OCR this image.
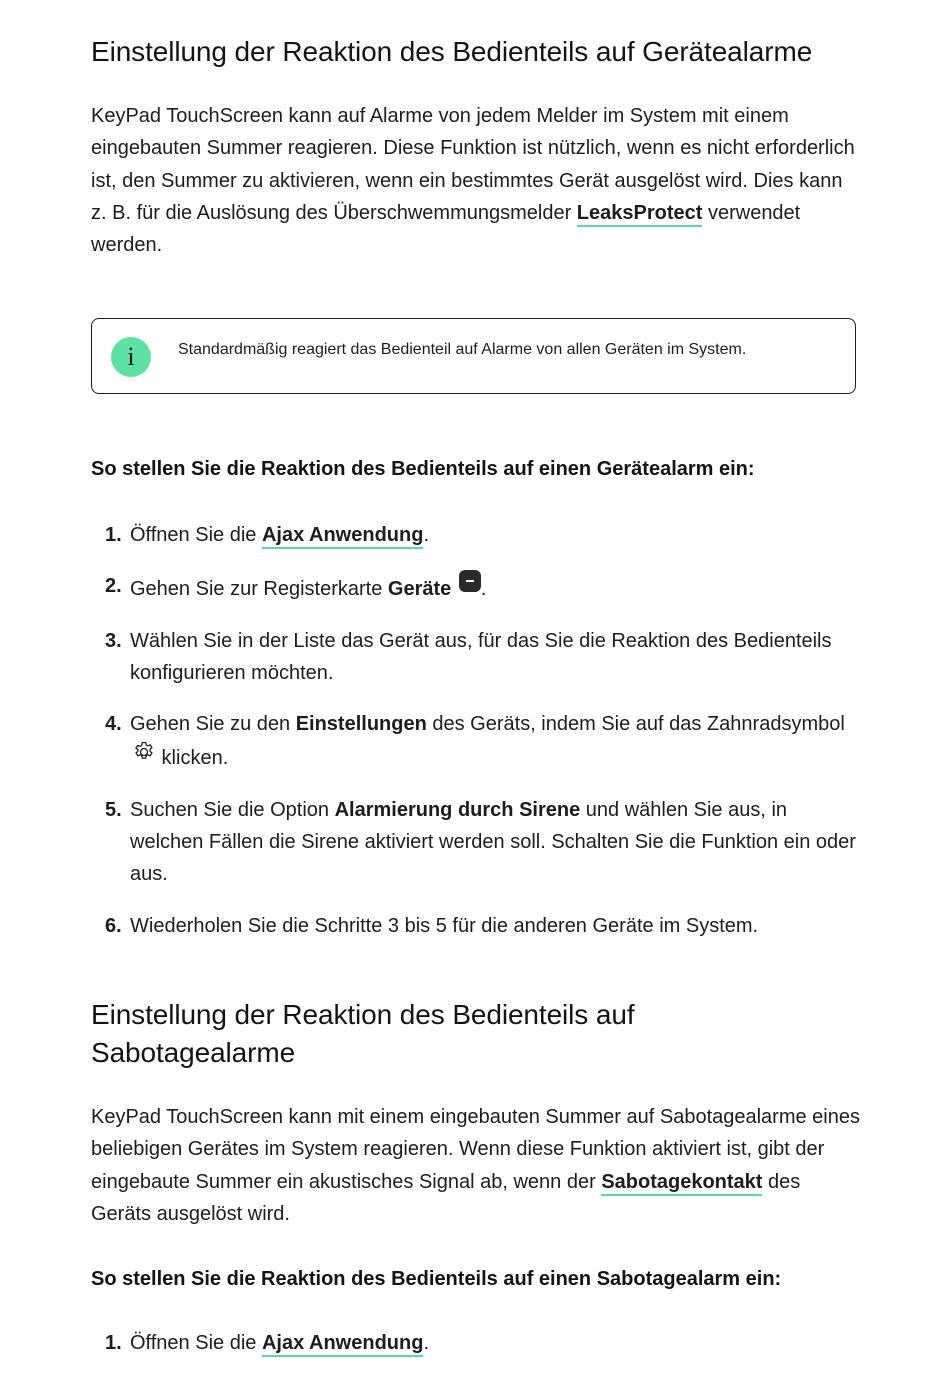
Einstellung der Reaktion des Bedienteils auf Gerätealarme

KeyPad TouchScreen kann auf Alarme von jedem Melder im System mit einem eingebauten Summer reagieren. Diese Funktion ist nützlich, wenn es nicht erforderlich ist, den Summer zu aktivieren, wenn ein bestimmtes Gerät ausgelöst wird. Dies kann z. B. für die Auslösung des Überschwemmungsmelder LeaksProtect verwendet werden.

i	Standardmäßig reagiert das Bedienteil auf Alarme von allen Geräten im System.
So stellen Sie die Reaktion des Bedienteils auf einen Gerätealarm ein:
1. Öffnen Sie die Ajax Anwendung.
2. Gehen Sie zur Registerkarte Geräte .
3. Wählen Sie in der Liste das Gerät aus, für das Sie die Reaktion des Bedienteils konfigurieren möchten.
4. Gehen Sie zu den Einstellungen des Geräts, indem Sie auf das Zahnradsymbol  klicken.
5. Suchen Sie die Option Alarmierung durch Sirene und wählen Sie aus, in welchen Fällen die Sirene aktiviert werden soll. Schalten Sie die Funktion ein oder aus.
6. Wiederholen Sie die Schritte 3 bis 5 für die anderen Geräte im System.
Einstellung der Reaktion des Bedienteils auf Sabotagealarme

KeyPad TouchScreen kann mit einem eingebauten Summer auf Sabotagealarme eines beliebigen Gerätes im System reagieren. Wenn diese Funktion aktiviert ist, gibt der eingebaute Summer ein akustisches Signal ab, wenn der Sabotagekontakt des Geräts ausgelöst wird.

So stellen Sie die Reaktion des Bedienteils auf einen Sabotagealarm ein:
1. Öffnen Sie die Ajax Anwendung.
